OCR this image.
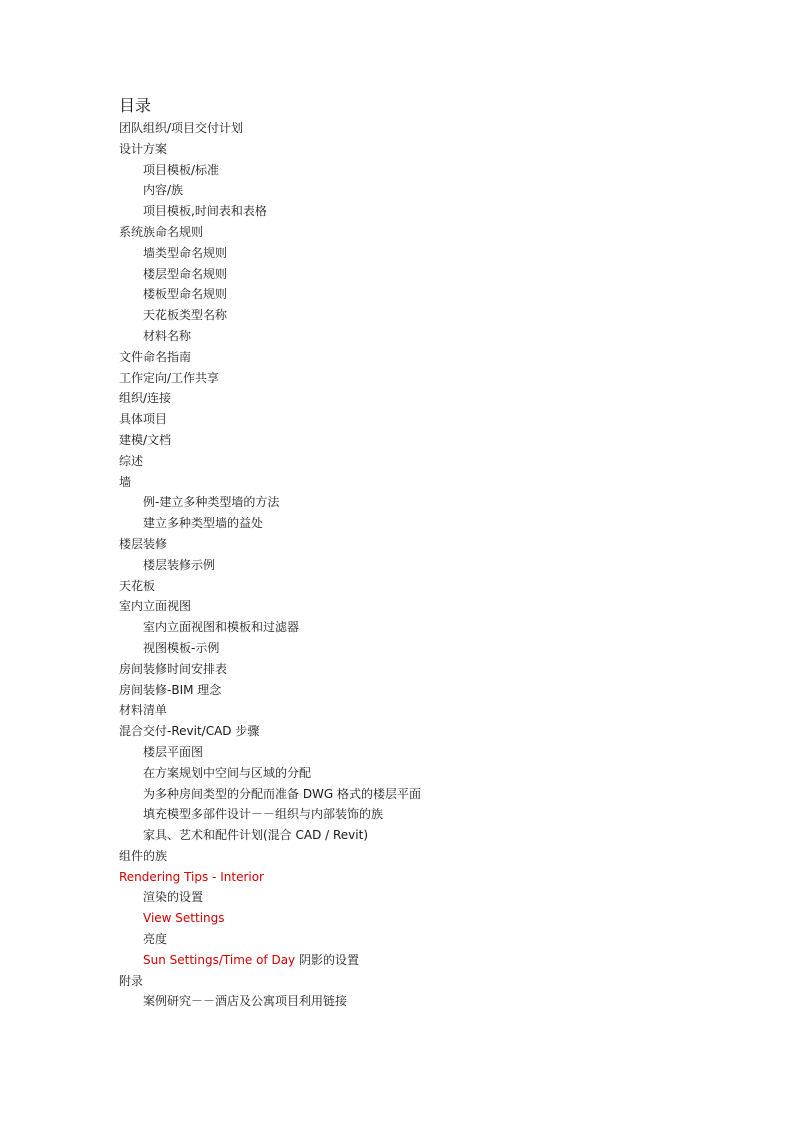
目录
团队组织/项目交付计划
设计方案
项目模板/标准
内容/族
项目模板,时间表和表格
系统族命名规则
墙类型命名规则
楼层型命名规则
楼板型命名规则
天花板类型名称
材料名称
文件命名指南
工作定向/工作共享
组织/连接
具体项目
建模/文档
综述
墙
例-建立多种类型墙的方法
建立多种类型墙的益处
楼层装修
楼层装修示例
天花板
室内立面视图
室内立面视图和模板和过滤器
视图模板-示例
房间装修时间安排表
房间装修-BIM 理念
材料清单
混合交付-Revit/CAD 步骤
楼层平面图
在方案规划中空间与区域的分配
为多种房间类型的分配而准备 DWG 格式的楼层平面
填充模型多部件设计－－组织与内部装饰的族
家具、艺术和配件计划(混合 CAD / Revit)
组件的族
Rendering Tips - Interior
渲染的设置
View Settings
亮度
Sun Settings/Time of Day 阴影的设置
附录
案例研究－－酒店及公寓项目利用链接
